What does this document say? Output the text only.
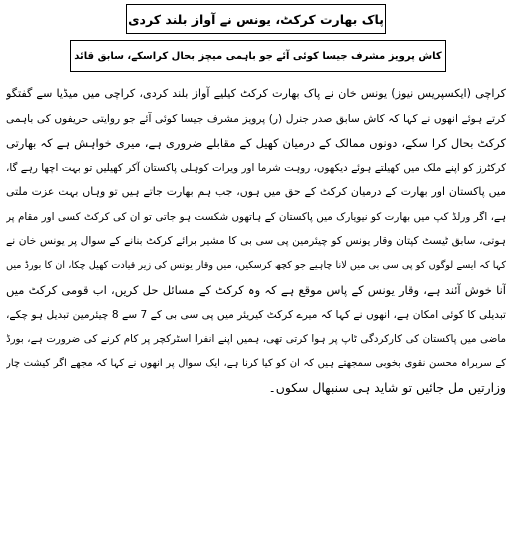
پاک بھارت کرکٹ، یونس نے آواز بلند کردی
کاش پرویز مشرف جیسا کوئی آئے جو باہمی میچز بحال کراسکے، سابق قائد
کراچی (ایکسپریس نیوز) یونس خان نے پاک بھارت کرکٹ کیلیے آواز بلند کردی، کراچی میں میڈیا سے گفتگو
کرتے ہوئے انھوں نے کہا کہ کاش سابق صدر جنرل (ر) پرویز مشرف جیسا کوئی آئے جو روایتی حریفوں کی باہمی
کرکٹ بحال کرا سکے، دونوں ممالک کے درمیان کھیل کے مقابلے ضروری ہے، میری خواہش ہے کہ بھارتی
کرکٹرز کو اپنے ملک میں کھیلتے ہوئے دیکھوں، روہت شرما اور ویرات کوہلی پاکستان آکر کھیلیں تو بہت اچھا رہے گا،
میں پاکستان اور بھارت کے درمیان کرکٹ کے حق میں ہوں، جب ہم بھارت جاتے ہیں تو وہاں بہت عزت ملتی
ہے، اگر ورلڈ کپ میں بھارت کو نیویارک میں پاکستان کے ہاتھوں شکست ہو جاتی تو ان کی کرکٹ کسی اور مقام پر
ہوتی، سابق ٹیسٹ کپتان وقار یونس کو چیئرمین پی سی بی کا مشیر برائے کرکٹ بنانے کے سوال پر یونس خان نے
کہا کہ ایسے لوگوں کو پی سی بی میں لانا چاہیے جو کچھ کرسکیں، میں وقار یونس کی زیر قیادت کھیل چکا، ان کا بورڈ میں
آنا خوش آئند ہے، وقار یونس کے پاس موقع ہے کہ وہ کرکٹ کے مسائل حل کریں، اب قومی کرکٹ میں
تبدیلی کا کوئی امکان ہے، انھوں نے کہا کہ میرے کرکٹ کیریئر میں پی سی بی کے 7 سے 8 چیئرمین تبدیل ہو چکے،
ماضی میں پاکستان کی کارکردگی ٹاپ پر ہوا کرتی تھی، ہمیں اپنے انفرا اسٹرکچر پر کام کرنے کی ضرورت ہے، بورڈ
کے سربراہ محسن نقوی بخوبی سمجھتے ہیں کہ ان کو کیا کرنا ہے، ایک سوال پر انھوں نے کہا کہ مجھے اگر کیشت چار
وزارتیں مل جائیں تو شاید ہی سنبھال سکوں۔
